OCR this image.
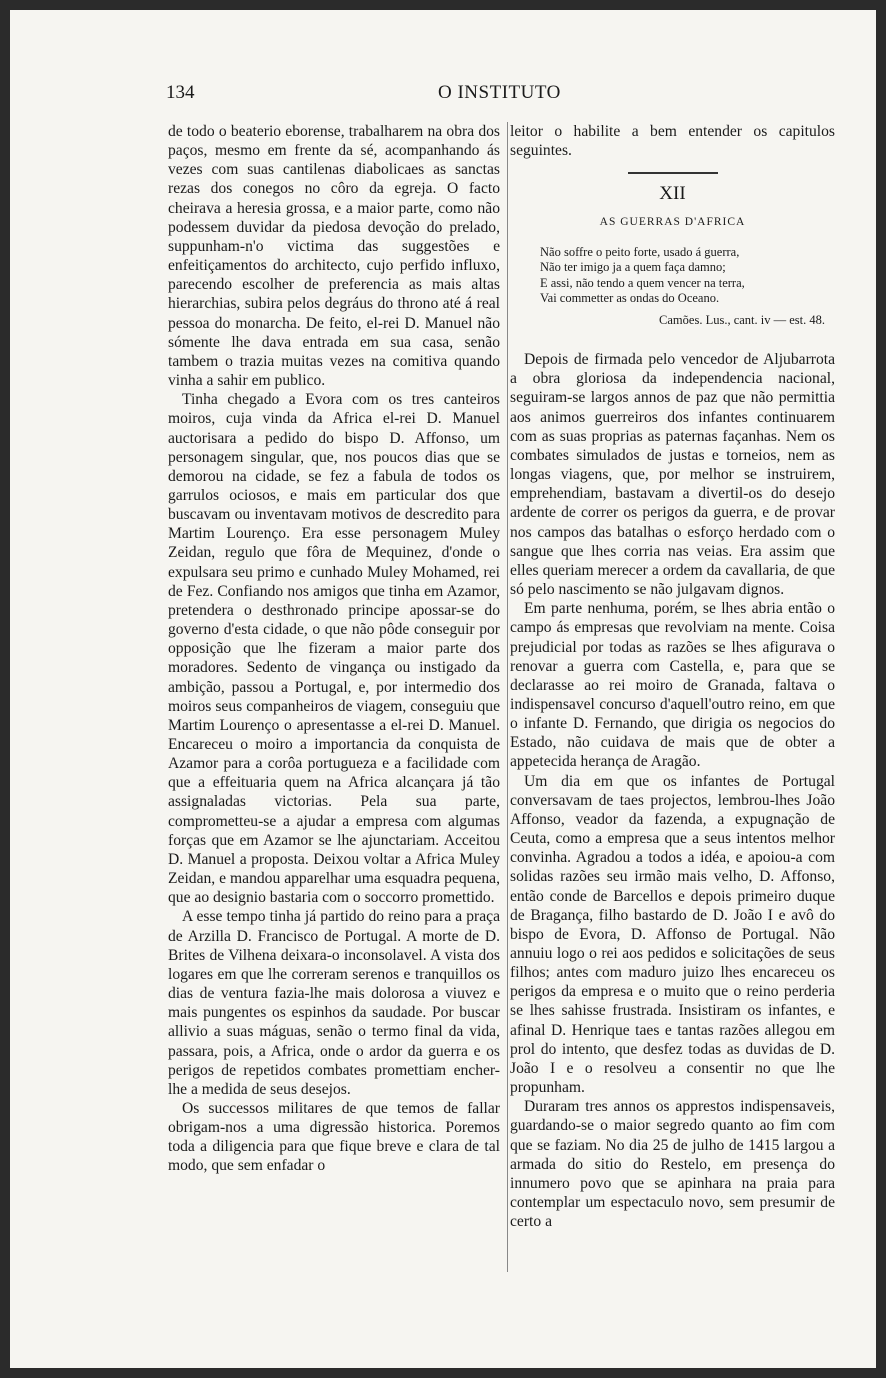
134	O INSTITUTO

de todo o beaterio eborense, trabalharem na obra dos paços, mesmo em frente da sé, acompanhando ás vezes com suas cantilenas diabolicaes as sanctas rezas dos conegos no côro da egreja. O facto cheirava a heresia grossa, e a maior parte, como não podessem duvidar da piedosa devoção do prelado, suppunham-n'o victima das suggestões e enfeitiçamentos do architecto, cujo perfido influxo, parecendo escolher de preferencia as mais altas hierarchias, subira pelos degráus do throno até á real pessoa do monarcha. De feito, el-rei D. Manuel não sómente lhe dava entrada em sua casa, senão tambem o trazia muitas vezes na comitiva quando vinha a sahir em publico.

Tinha chegado a Evora com os tres canteiros moiros, cuja vinda da Africa el-rei D. Manuel auctorisara a pedido do bispo D. Affonso, um personagem singular, que, nos poucos dias que se demorou na cidade, se fez a fabula de todos os garrulos ociosos, e mais em particular dos que buscavam ou inventavam motivos de descredito para Martim Lourenço. Era esse personagem Muley Zeidan, regulo que fôra de Mequinez, d'onde o expulsara seu primo e cunhado Muley Mohamed, rei de Fez. Confiando nos amigos que tinha em Azamor, pretendera o desthronado principe apossar-se do governo d'esta cidade, o que não pôde conseguir por opposição que lhe fizeram a maior parte dos moradores. Sedento de vingança ou instigado da ambição, passou a Portugal, e, por intermedio dos moiros seus companheiros de viagem, conseguiu que Martim Lourenço o apresentasse a el-rei D. Manuel. Encareceu o moiro a importancia da conquista de Azamor para a corôa portugueza e a facilidade com que a effeituaria quem na Africa alcançara já tão assignaladas victorias. Pela sua parte, comprometteu-se a ajudar a empresa com algumas forças que em Azamor se lhe ajunctariam. Acceitou D. Manuel a proposta. Deixou voltar a Africa Muley Zeidan, e mandou apparelhar uma esquadra pequena, que ao designio bastaria com o soccorro promettido.

A esse tempo tinha já partido do reino para a praça de Arzilla D. Francisco de Portugal. A morte de D. Brites de Vilhena deixara-o inconsolavel. A vista dos logares em que lhe correram serenos e tranquillos os dias de ventura fazia-lhe mais dolorosa a viuvez e mais pungentes os espinhos da saudade. Por buscar allivio a suas máguas, senão o termo final da vida, passara, pois, a Africa, onde o ardor da guerra e os perigos de repetidos combates promettiam encher-lhe a medida de seus desejos.

Os successos militares de que temos de fallar obrigam-nos a uma digressão historica. Poremos toda a diligencia para que fique breve e clara de tal modo, que sem enfadar o

leitor o habilite a bem entender os capitulos seguintes.

XII
AS GUERRAS D'AFRICA
Não soffre o peito forte, usado á guerra,
Não ter imigo ja a quem faça damno;
E assi, não tendo a quem vencer na terra,
Vai commetter as ondas do Oceano.
Camões. Lus., cant. iv — est. 48.

Depois de firmada pelo vencedor de Aljubarrota a obra gloriosa da independencia nacional, seguiram-se largos annos de paz que não permittia aos animos guerreiros dos infantes continuarem com as suas proprias as paternas façanhas. Nem os combates simulados de justas e torneios, nem as longas viagens, que, por melhor se instruirem, emprehendiam, bastavam a divertil-os do desejo ardente de correr os perigos da guerra, e de provar nos campos das batalhas o esforço herdado com o sangue que lhes corria nas veias. Era assim que elles queriam merecer a ordem da cavallaria, de que só pelo nascimento se não julgavam dignos.

Em parte nenhuma, porém, se lhes abria então o campo ás empresas que revolviam na mente. Coisa prejudicial por todas as razões se lhes afigurava o renovar a guerra com Castella, e, para que se declarasse ao rei moiro de Granada, faltava o indispensavel concurso d'aquell'outro reino, em que o infante D. Fernando, que dirigia os negocios do Estado, não cuidava de mais que de obter a appetecida herança de Aragão.

Um dia em que os infantes de Portugal conversavam de taes projectos, lembrou-lhes João Affonso, veador da fazenda, a expugnação de Ceuta, como a empresa que a seus intentos melhor convinha. Agradou a todos a idéa, e apoiou-a com solidas razões seu irmão mais velho, D. Affonso, então conde de Barcellos e depois primeiro duque de Bragança, filho bastardo de D. João I e avô do bispo de Evora, D. Affonso de Portugal. Não annuiu logo o rei aos pedidos e solicitações de seus filhos; antes com maduro juizo lhes encareceu os perigos da empresa e o muito que o reino perderia se lhes sahisse frustrada. Insistiram os infantes, e afinal D. Henrique taes e tantas razões allegou em prol do intento, que desfez todas as duvidas de D. João I e o resolveu a consentir no que lhe propunham.

Duraram tres annos os apprestos indispensaveis, guardando-se o maior segredo quanto ao fim com que se faziam. No dia 25 de julho de 1415 largou a armada do sitio do Restelo, em presença do innumero povo que se apinhara na praia para contemplar um espectaculo novo, sem presumir de certo a
